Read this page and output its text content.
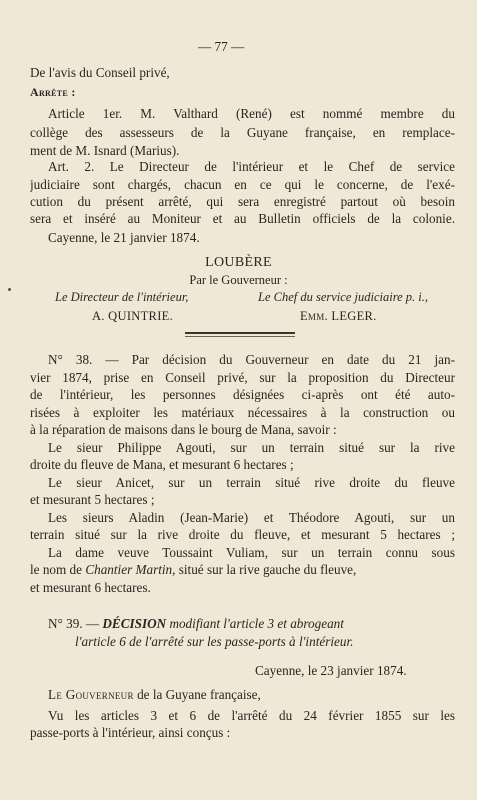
— 77 —
De l'avis du Conseil privé,
Arrête :
Article 1er. M. Valthard (René) est nommé membre du
collège des assesseurs de la Guyane française, en remplace-
ment de M. Isnard (Marius).
Art. 2. Le Directeur de l'intérieur et le Chef de service
judiciaire sont chargés, chacun en ce qui le concerne, de l'exé-
cution du présent arrêté, qui sera enregistré partout où besoin
sera et inséré au Moniteur et au Bulletin officiels de la colonie.
Cayenne, le 21 janvier 1874.
LOUBÈRE
Par le Gouverneur :
Le Directeur de l'intérieur,	Le Chef du service judiciaire p. i.,
A. QUINTRIE.	Emm. LEGER.
N° 38. — Par décision du Gouverneur en date du 21 jan-
vier 1874, prise en Conseil privé, sur la proposition du Directeur
de l'intérieur, les personnes désignées ci-après ont été auto-
risées à exploiter les matériaux nécessaires à la construction ou
à la réparation de maisons dans le bourg de Mana, savoir :
Le sieur Philippe Agouti, sur un terrain situé sur la rive
droite du fleuve de Mana, et mesurant 6 hectares ;
Le sieur Anicet, sur un terrain situé rive droite du fleuve
et mesurant 5 hectares ;
Les sieurs Aladin (Jean-Marie) et Théodore Agouti, sur un
terrain situé sur la rive droite du fleuve, et mesurant 5 hectares ;
La dame veuve Toussaint Vuliam, sur un terrain connu sous
le nom de Chantier Martin, situé sur la rive gauche du fleuve,
et mesurant 6 hectares.
N° 39. — DÉCISION modifiant l'article 3 et abrogeant
l'article 6 de l'arrêté sur les passe-ports à l'intérieur.
Cayenne, le 23 janvier 1874.
Le Gouverneur de la Guyane française,
Vu les articles 3 et 6 de l'arrêté du 24 février 1855 sur les
passe-ports à l'intérieur, ainsi conçus :
